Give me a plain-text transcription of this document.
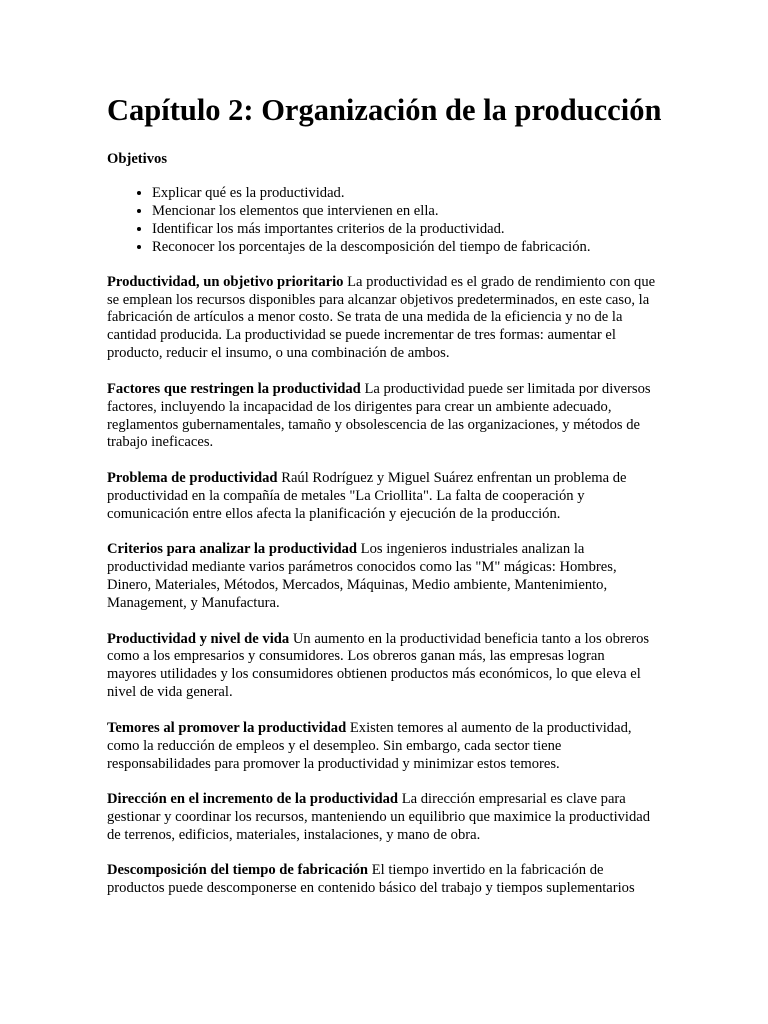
Capítulo 2: Organización de la producción
Objetivos
• Explicar qué es la productividad.
• Mencionar los elementos que intervienen en ella.
• Identificar los más importantes criterios de la productividad.
• Reconocer los porcentajes de la descomposición del tiempo de fabricación.

Productividad, un objetivo prioritario La productividad es el grado de rendimiento con que se emplean los recursos disponibles para alcanzar objetivos predeterminados, en este caso, la fabricación de artículos a menor costo. Se trata de una medida de la eficiencia y no de la cantidad producida. La productividad se puede incrementar de tres formas: aumentar el producto, reducir el insumo, o una combinación de ambos.

Factores que restringen la productividad La productividad puede ser limitada por diversos factores, incluyendo la incapacidad de los dirigentes para crear un ambiente adecuado, reglamentos gubernamentales, tamaño y obsolescencia de las organizaciones, y métodos de trabajo ineficaces.

Problema de productividad Raúl Rodríguez y Miguel Suárez enfrentan un problema de productividad en la compañía de metales "La Criollita". La falta de cooperación y comunicación entre ellos afecta la planificación y ejecución de la producción.

Criterios para analizar la productividad Los ingenieros industriales analizan la productividad mediante varios parámetros conocidos como las "M" mágicas: Hombres, Dinero, Materiales, Métodos, Mercados, Máquinas, Medio ambiente, Mantenimiento, Management, y Manufactura.

Productividad y nivel de vida Un aumento en la productividad beneficia tanto a los obreros como a los empresarios y consumidores. Los obreros ganan más, las empresas logran mayores utilidades y los consumidores obtienen productos más económicos, lo que eleva el nivel de vida general.

Temores al promover la productividad Existen temores al aumento de la productividad, como la reducción de empleos y el desempleo. Sin embargo, cada sector tiene responsabilidades para promover la productividad y minimizar estos temores.

Dirección en el incremento de la productividad La dirección empresarial es clave para gestionar y coordinar los recursos, manteniendo un equilibrio que maximice la productividad de terrenos, edificios, materiales, instalaciones, y mano de obra.

Descomposición del tiempo de fabricación El tiempo invertido en la fabricación de productos puede descomponerse en contenido básico del trabajo y tiempos suplementarios
